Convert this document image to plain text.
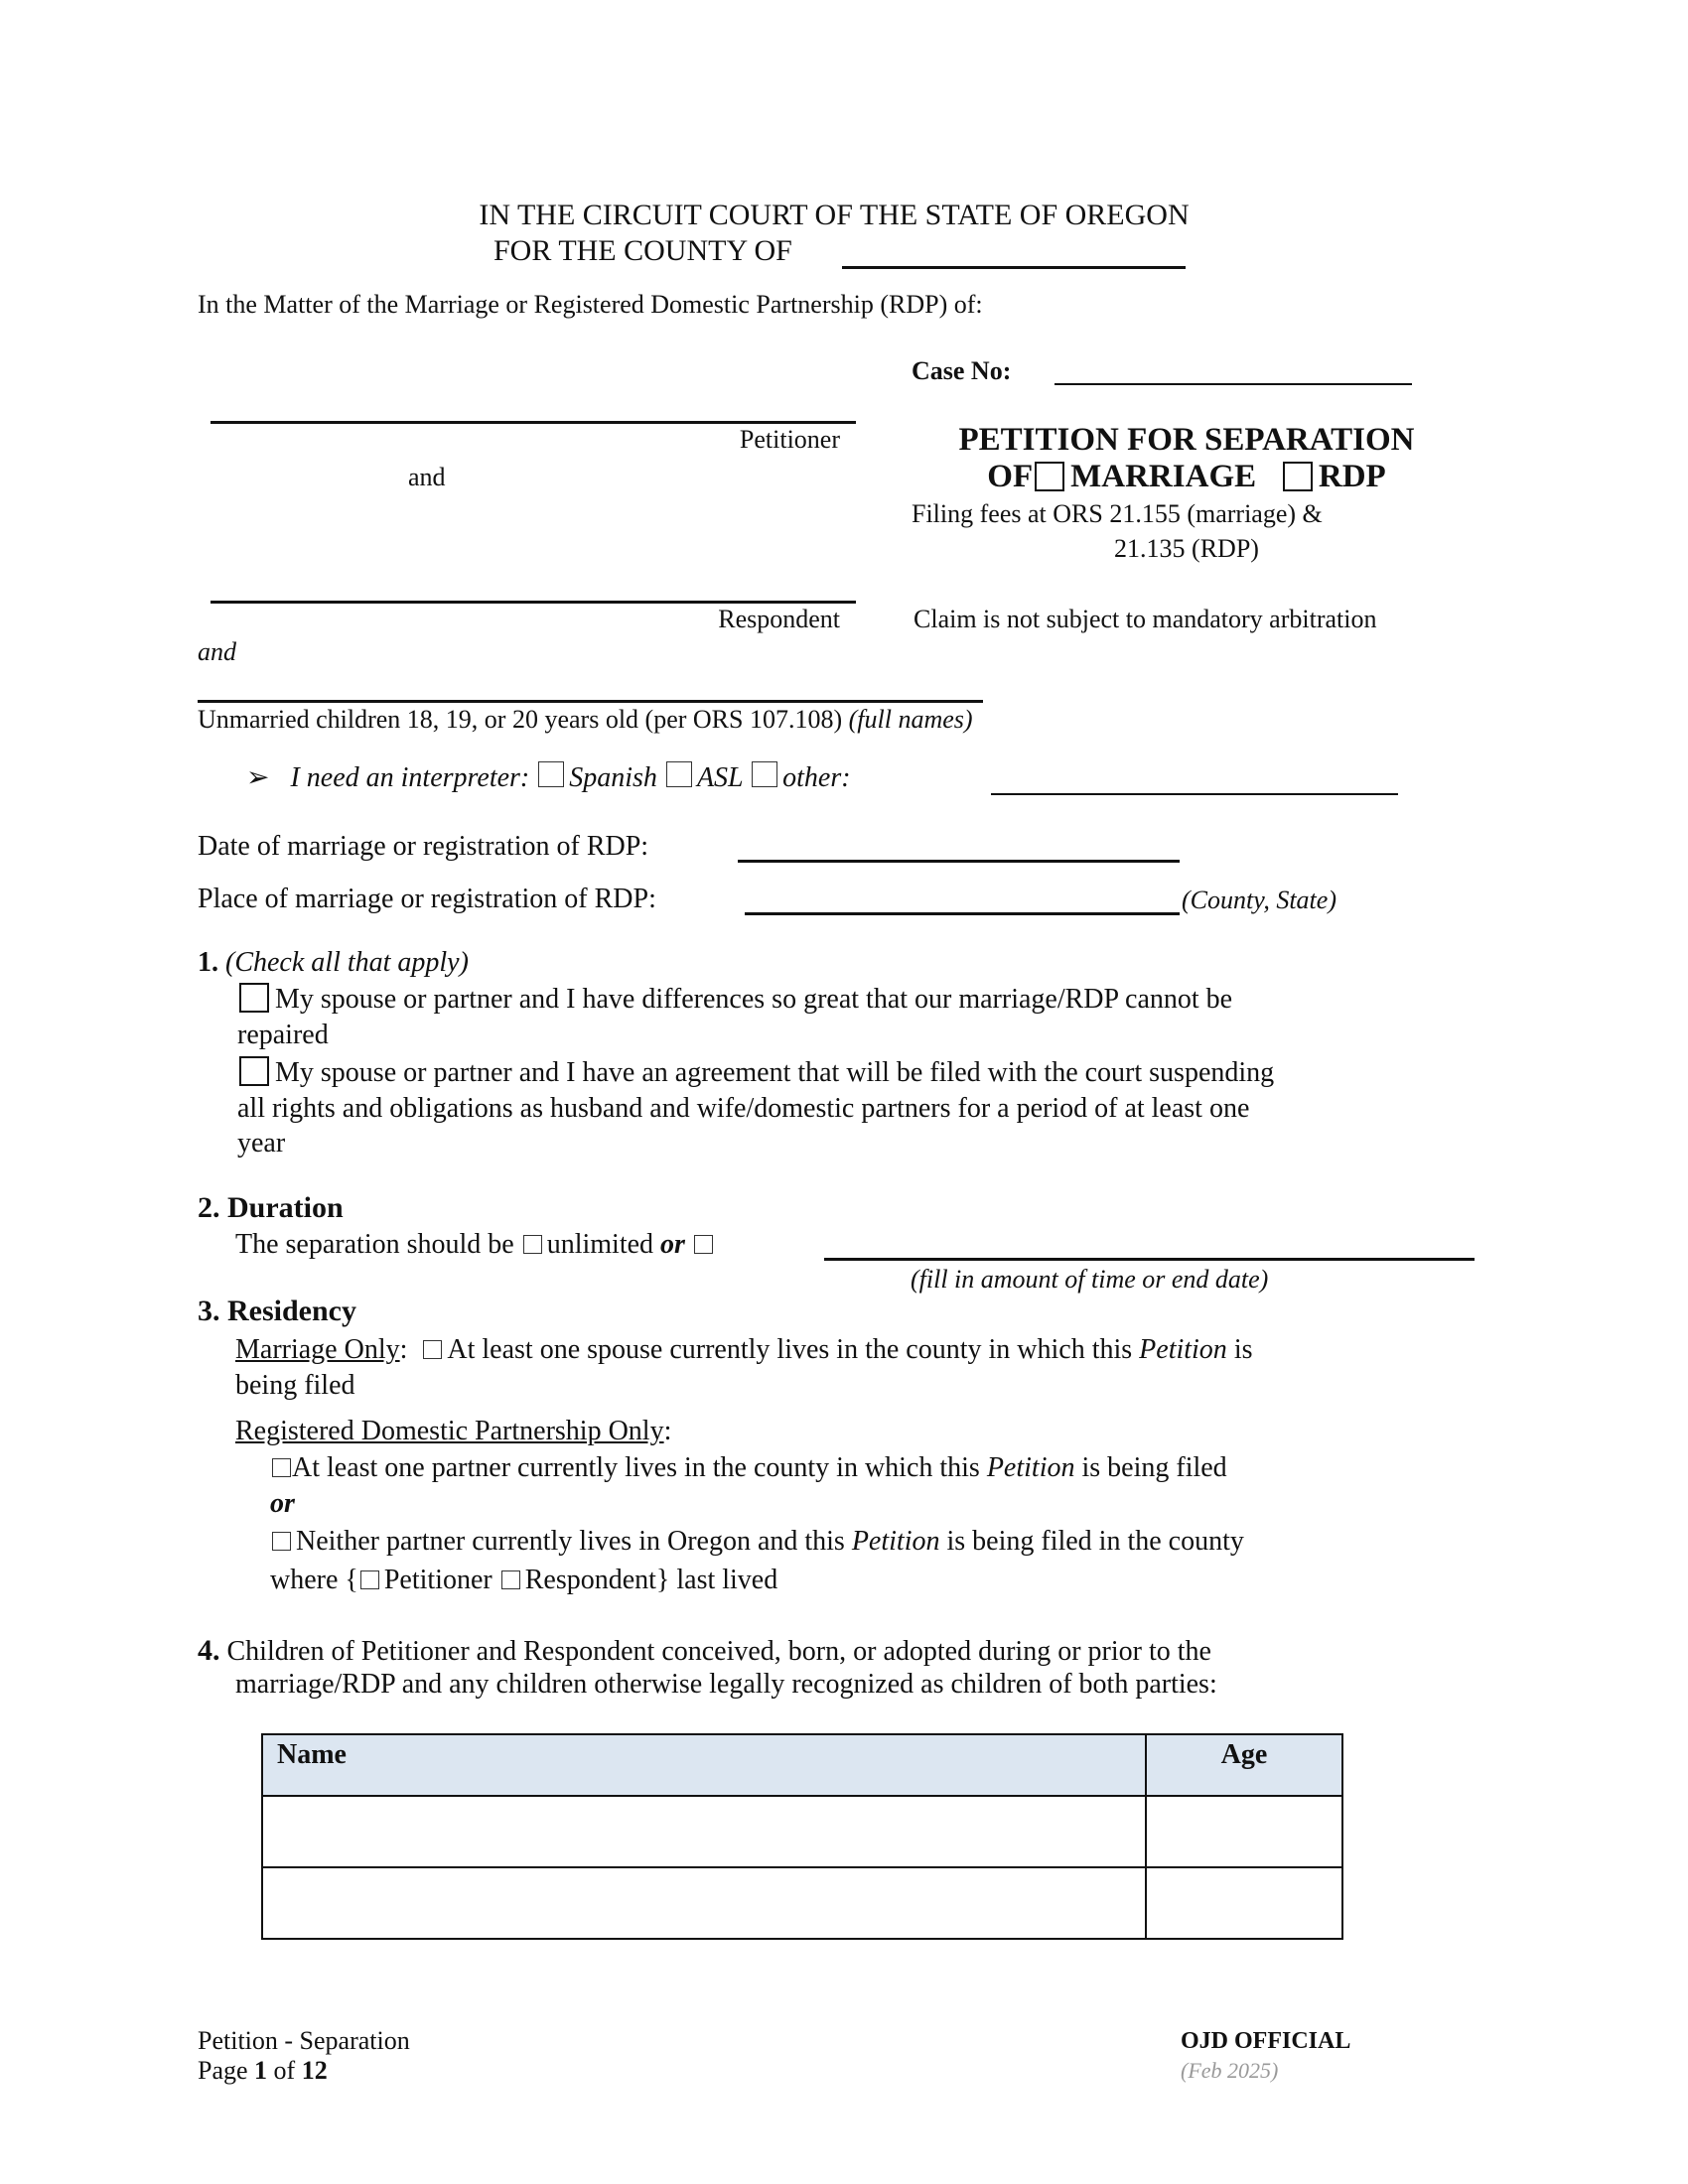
IN THE CIRCUIT COURT OF THE STATE OF OREGON
FOR THE COUNTY OF
In the Matter of the Marriage or Registered Domestic Partnership (RDP) of:
Case No:
Petitioner
and
Respondent
PETITION FOR SEPARATION
OF MARRIAGE RDP
Filing fees at ORS 21.155 (marriage) &
21.135 (RDP)
Claim is not subject to mandatory arbitration
and
Unmarried children 18, 19, or 20 years old (per ORS 107.108) (full names)
➢ I need an interpreter: Spanish ASL other:
Date of marriage or registration of RDP:
Place of marriage or registration of RDP:	(County, State)
1. (Check all that apply)
My spouse or partner and I have differences so great that our marriage/RDP cannot be
repaired
My spouse or partner and I have an agreement that will be filed with the court suspending
all rights and obligations as husband and wife/domestic partners for a period of at least one
year
2. Duration
The separation should be unlimited or
(fill in amount of time or end date)
3. Residency
Marriage Only:  At least one spouse currently lives in the county in which this Petition is
being filed
Registered Domestic Partnership Only:
At least one partner currently lives in the county in which this Petition is being filed
or
Neither partner currently lives in Oregon and this Petition is being filed in the county
where { Petitioner Respondent} last lived
4. Children of Petitioner and Respondent conceived, born, or adopted during or prior to the
marriage/RDP and any children otherwise legally recognized as children of both parties:
Name	Age

Petition - Separation
Page 1 of 12
OJD OFFICIAL
(Feb 2025)
